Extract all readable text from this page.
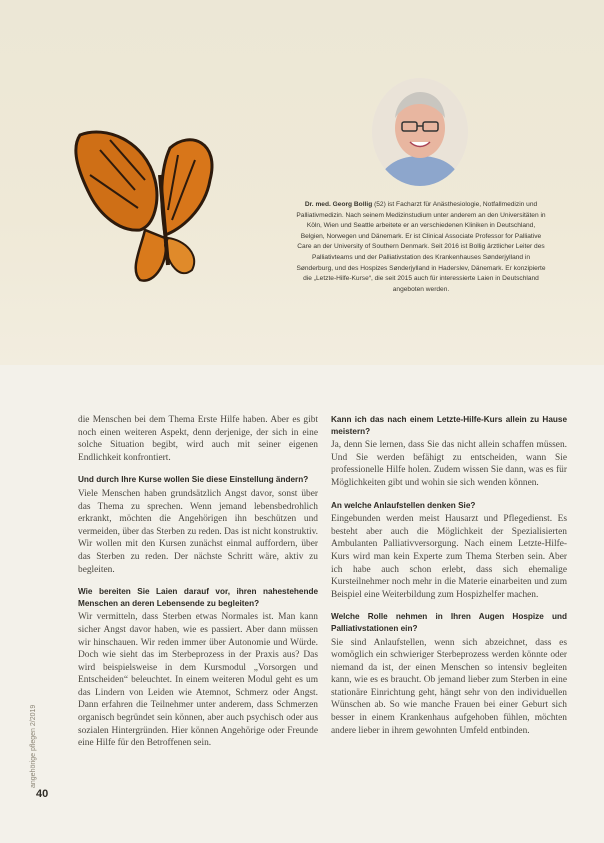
Dr. med. Georg Bollig (52) ist Facharzt für Anästhesiologie, Notfallmedizin und Palliativmedizin. Nach seinem Medizinstudium unter anderem an den Universitäten in Köln, Wien und Seattle arbeitete er an verschiedenen Kliniken in Deutschland, Belgien, Norwegen und Dänemark. Er ist Clinical Associate Professor for Palliative Care an der University of Southern Denmark. Seit 2016 ist Bollig ärztlicher Leiter des Palliativteams und der Palliativstation des Krankenhauses Sønderjylland in Sønderburg, und des Hospizes Sønderjylland in Haderslev, Dänemark. Er konzipierte die „Letzte-Hilfe-Kurse“, die seit 2015 auch für interessierte Laien in Deutschland angeboten werden.

die Menschen bei dem Thema Erste Hilfe haben. Aber es gibt noch einen weiteren Aspekt, denn derjenige, der sich in eine solche Situation begibt, wird auch mit seiner eigenen Endlichkeit konfrontiert.

Und durch Ihre Kurse wollen Sie diese Einstellung ändern?

Viele Menschen haben grundsätzlich Angst davor, sonst über das Thema zu sprechen. Wenn jemand lebensbedrohlich erkrankt, möchten die Angehörigen ihn beschützen und vermeiden, über das Sterben zu reden. Das ist nicht konstruktiv. Wir wollen mit den Kursen zunächst einmal auffordern, über das Sterben zu reden. Der nächste Schritt wäre, aktiv zu begleiten.

Wie bereiten Sie Laien darauf vor, ihren nahestehende Menschen an deren Lebensende zu begleiten?

Wir vermitteln, dass Sterben etwas Normales ist. Man kann sicher Angst davor haben, wie es passiert. Aber dann müssen wir hinschauen. Wir reden immer über Autonomie und Würde. Doch wie sieht das im Sterbeprozess in der Praxis aus? Das wird beispielsweise in dem Kursmodul „Vorsorgen und Entscheiden“ beleuchtet. In einem weiteren Modul geht es um das Lindern von Leiden wie Atemnot, Schmerz oder Angst. Dann erfahren die Teilnehmer unter anderem, dass Schmerzen organisch begründet sein können, aber auch psychisch oder aus sozialen Hintergründen. Hier können Angehörige oder Freunde eine Hilfe für den Betroffenen sein.

Kann ich das nach einem Letzte-Hilfe-Kurs allein zu Hause meistern?

Ja, denn Sie lernen, dass Sie das nicht allein schaffen müssen. Und Sie werden befähigt zu entscheiden, wann Sie professionelle Hilfe holen. Zudem wissen Sie dann, was es für Möglichkeiten gibt und wohin sie sich wenden können.

An welche Anlaufstellen denken Sie?

Eingebunden werden meist Hausarzt und Pflegedienst. Es besteht aber auch die Möglichkeit der Spezialisierten Ambulanten Palliativversorgung. Nach einem Letzte-Hilfe-Kurs wird man kein Experte zum Thema Sterben sein. Aber ich habe auch schon erlebt, dass sich ehemalige Kursteilnehmer noch mehr in die Materie einarbeiten und zum Beispiel eine Weiterbildung zum Hospizhelfer machen.

Welche Rolle nehmen in Ihren Augen Hospize und Palliativstationen ein?

Sie sind Anlaufstellen, wenn sich abzeichnet, dass es womöglich ein schwieriger Sterbeprozess werden könnte oder niemand da ist, der einen Menschen so intensiv begleiten kann, wie es es braucht. Ob jemand lieber zum Sterben in eine stationäre Einrichtung geht, hängt sehr von den individuellen Wünschen ab. So wie manche Frauen bei einer Geburt sich besser in einem Krankenhaus aufgehoben fühlen, möchten andere lieber in ihrem gewohnten Umfeld entbinden.

angehörige pflegen 2/2019
40
